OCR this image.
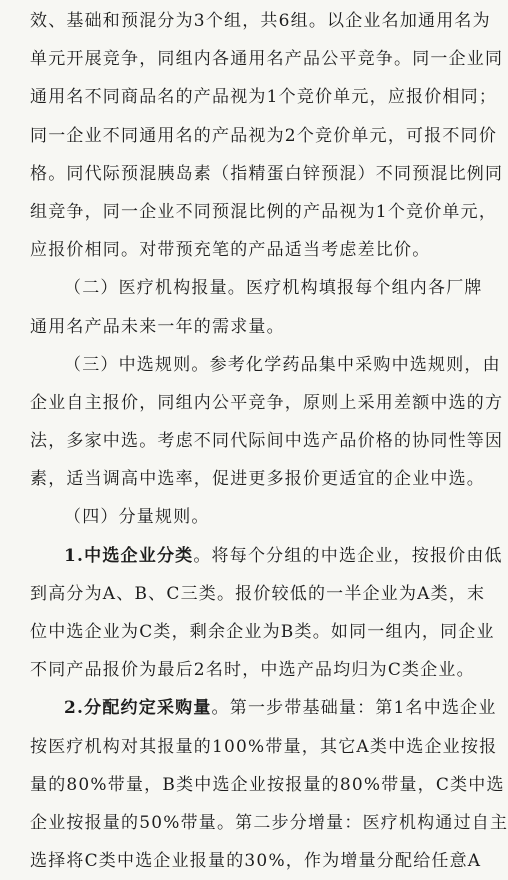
效、基础和预混分为3个组，共6组。以企业名加通用名为
单元开展竞争，同组内各通用名产品公平竞争。同一企业同
通用名不同商品名的产品视为1个竞价单元，应报价相同；
同一企业不同通用名的产品视为2个竞价单元，可报不同价
格。同代际预混胰岛素（指精蛋白锌预混）不同预混比例同
组竞争，同一企业不同预混比例的产品视为1个竞价单元，
应报价相同。对带预充笔的产品适当考虑差比价。
（二）医疗机构报量。医疗机构填报每个组内各厂牌
通用名产品未来一年的需求量。
（三）中选规则。参考化学药品集中采购中选规则，由
企业自主报价，同组内公平竞争，原则上采用差额中选的方
法，多家中选。考虑不同代际间中选产品价格的协同性等因
素，适当调高中选率，促进更多报价更适宜的企业中选。
（四）分量规则。
1.中选企业分类。将每个分组的中选企业，按报价由低
到高分为A、B、C三类。报价较低的一半企业为A类，末
位中选企业为C类，剩余企业为B类。如同一组内，同企业
不同产品报价为最后2名时，中选产品均归为C类企业。
2.分配约定采购量。第一步带基础量：第1名中选企业
按医疗机构对其报量的100%带量，其它A类中选企业按报
量的80%带量，B类中选企业按报量的80%带量，C类中选
企业按报量的50%带量。第二步分增量：医疗机构通过自主
选择将C类中选企业报量的30%，作为增量分配给任意A
